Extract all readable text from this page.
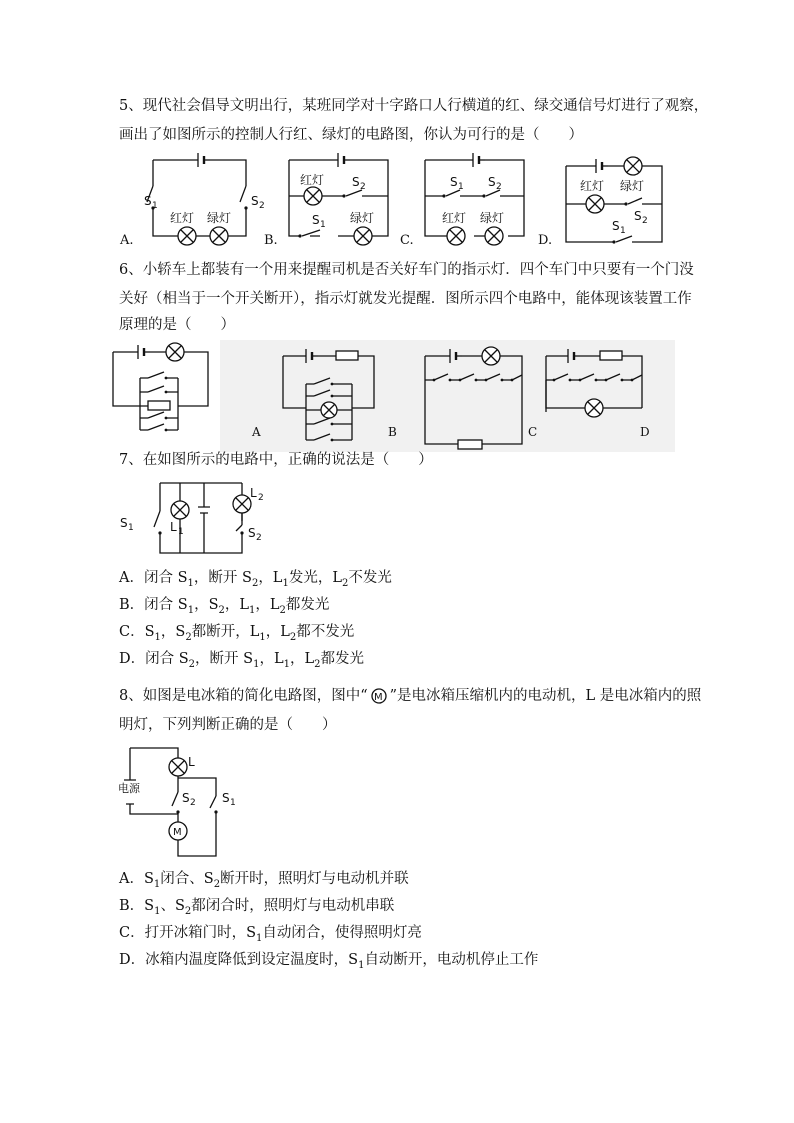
5、现代社会倡导文明出行，某班同学对十字路口人行横道的红、绿交通信号灯进行了观察，
画出了如图所示的控制人行红、绿灯的电路图，你认为可行的是（　　）
A.
S 1	S 2
红灯 绿灯
B.
红灯 S 2
S 1 绿灯
C.
S 1 S 2
红灯 绿灯
D.
红灯 绿灯
S 2
S 1
6、小轿车上都装有一个用来提醒司机是否关好车门的指示灯．四个车门中只要有一个门没
关好（相当于一个开关断开），指示灯就发光提醒．图所示四个电路中，能体现该装置工作
原理的是（　　）
A	B	C	D
7、在如图所示的电路中，正确的说法是（　　）
S 1	L 1
L 2
S 2
A．闭合 $S_1$，断开 $S_2$，$L_1$发光，$L_2$不发光
B．闭合 $S_1$，$S_2$，$L_1$，$L_2$都发光
C．$S_1$，$S_2$都断开，$L_1$，$L_2$都不发光
D．闭合 $S_2$，断开 $S_1$，$L_1$，$L_2$都发光
8、如图是电冰箱的简化电路图，图中“ M ”是电冰箱压缩机内的电动机，L 是电冰箱内的照
明灯，下列判断正确的是（　　）
M
电源
L
S 2 S 1
A．$S_1$闭合、$S_2$断开时，照明灯与电动机并联
B．$S_1$、$S_2$都闭合时，照明灯与电动机串联
C．打开冰箱门时，$S_1$自动闭合，使得照明灯亮
D．冰箱内温度降低到设定温度时，$S_1$自动断开，电动机停止工作
